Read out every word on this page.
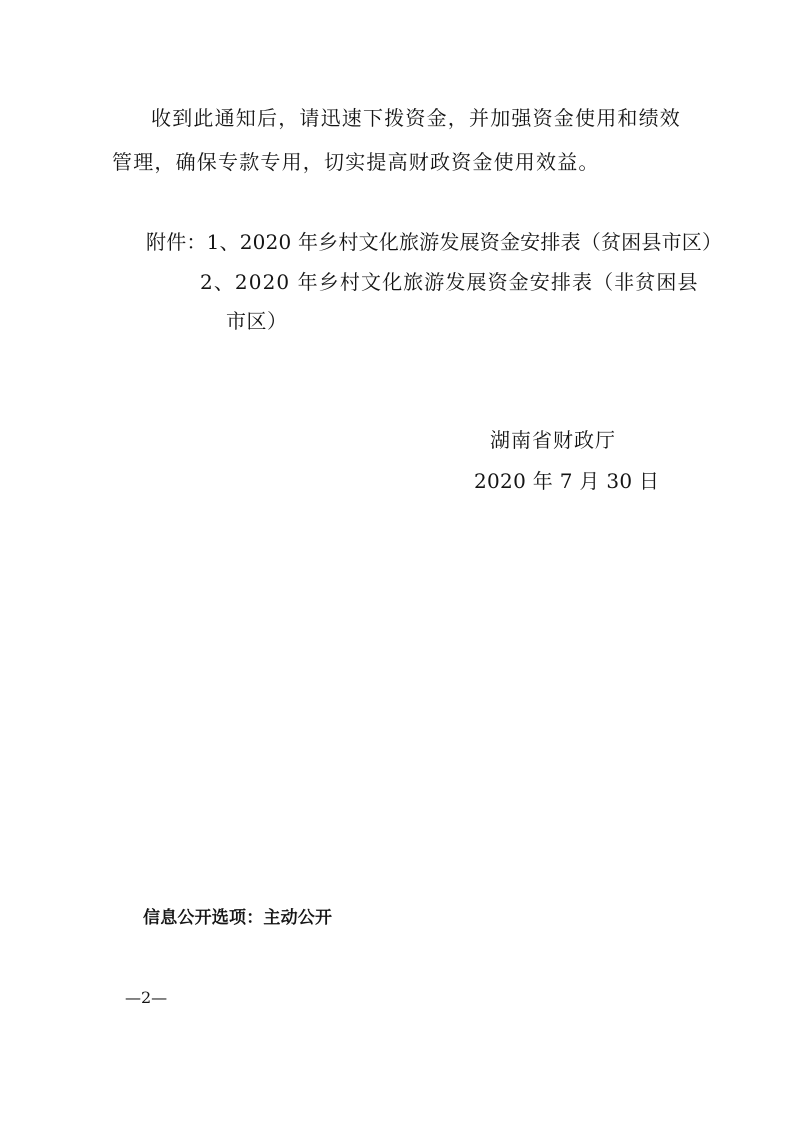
收到此通知后，请迅速下拨资金，并加强资金使用和绩效
管理，确保专款专用，切实提高财政资金使用效益。
附件：1、2020 年乡村文化旅游发展资金安排表（贫困县市区）
2、2020 年乡村文化旅游发展资金安排表（非贫困县
市区）
湖南省财政厅
2020 年 7 月 30 日
信息公开选项：主动公开
—2—
